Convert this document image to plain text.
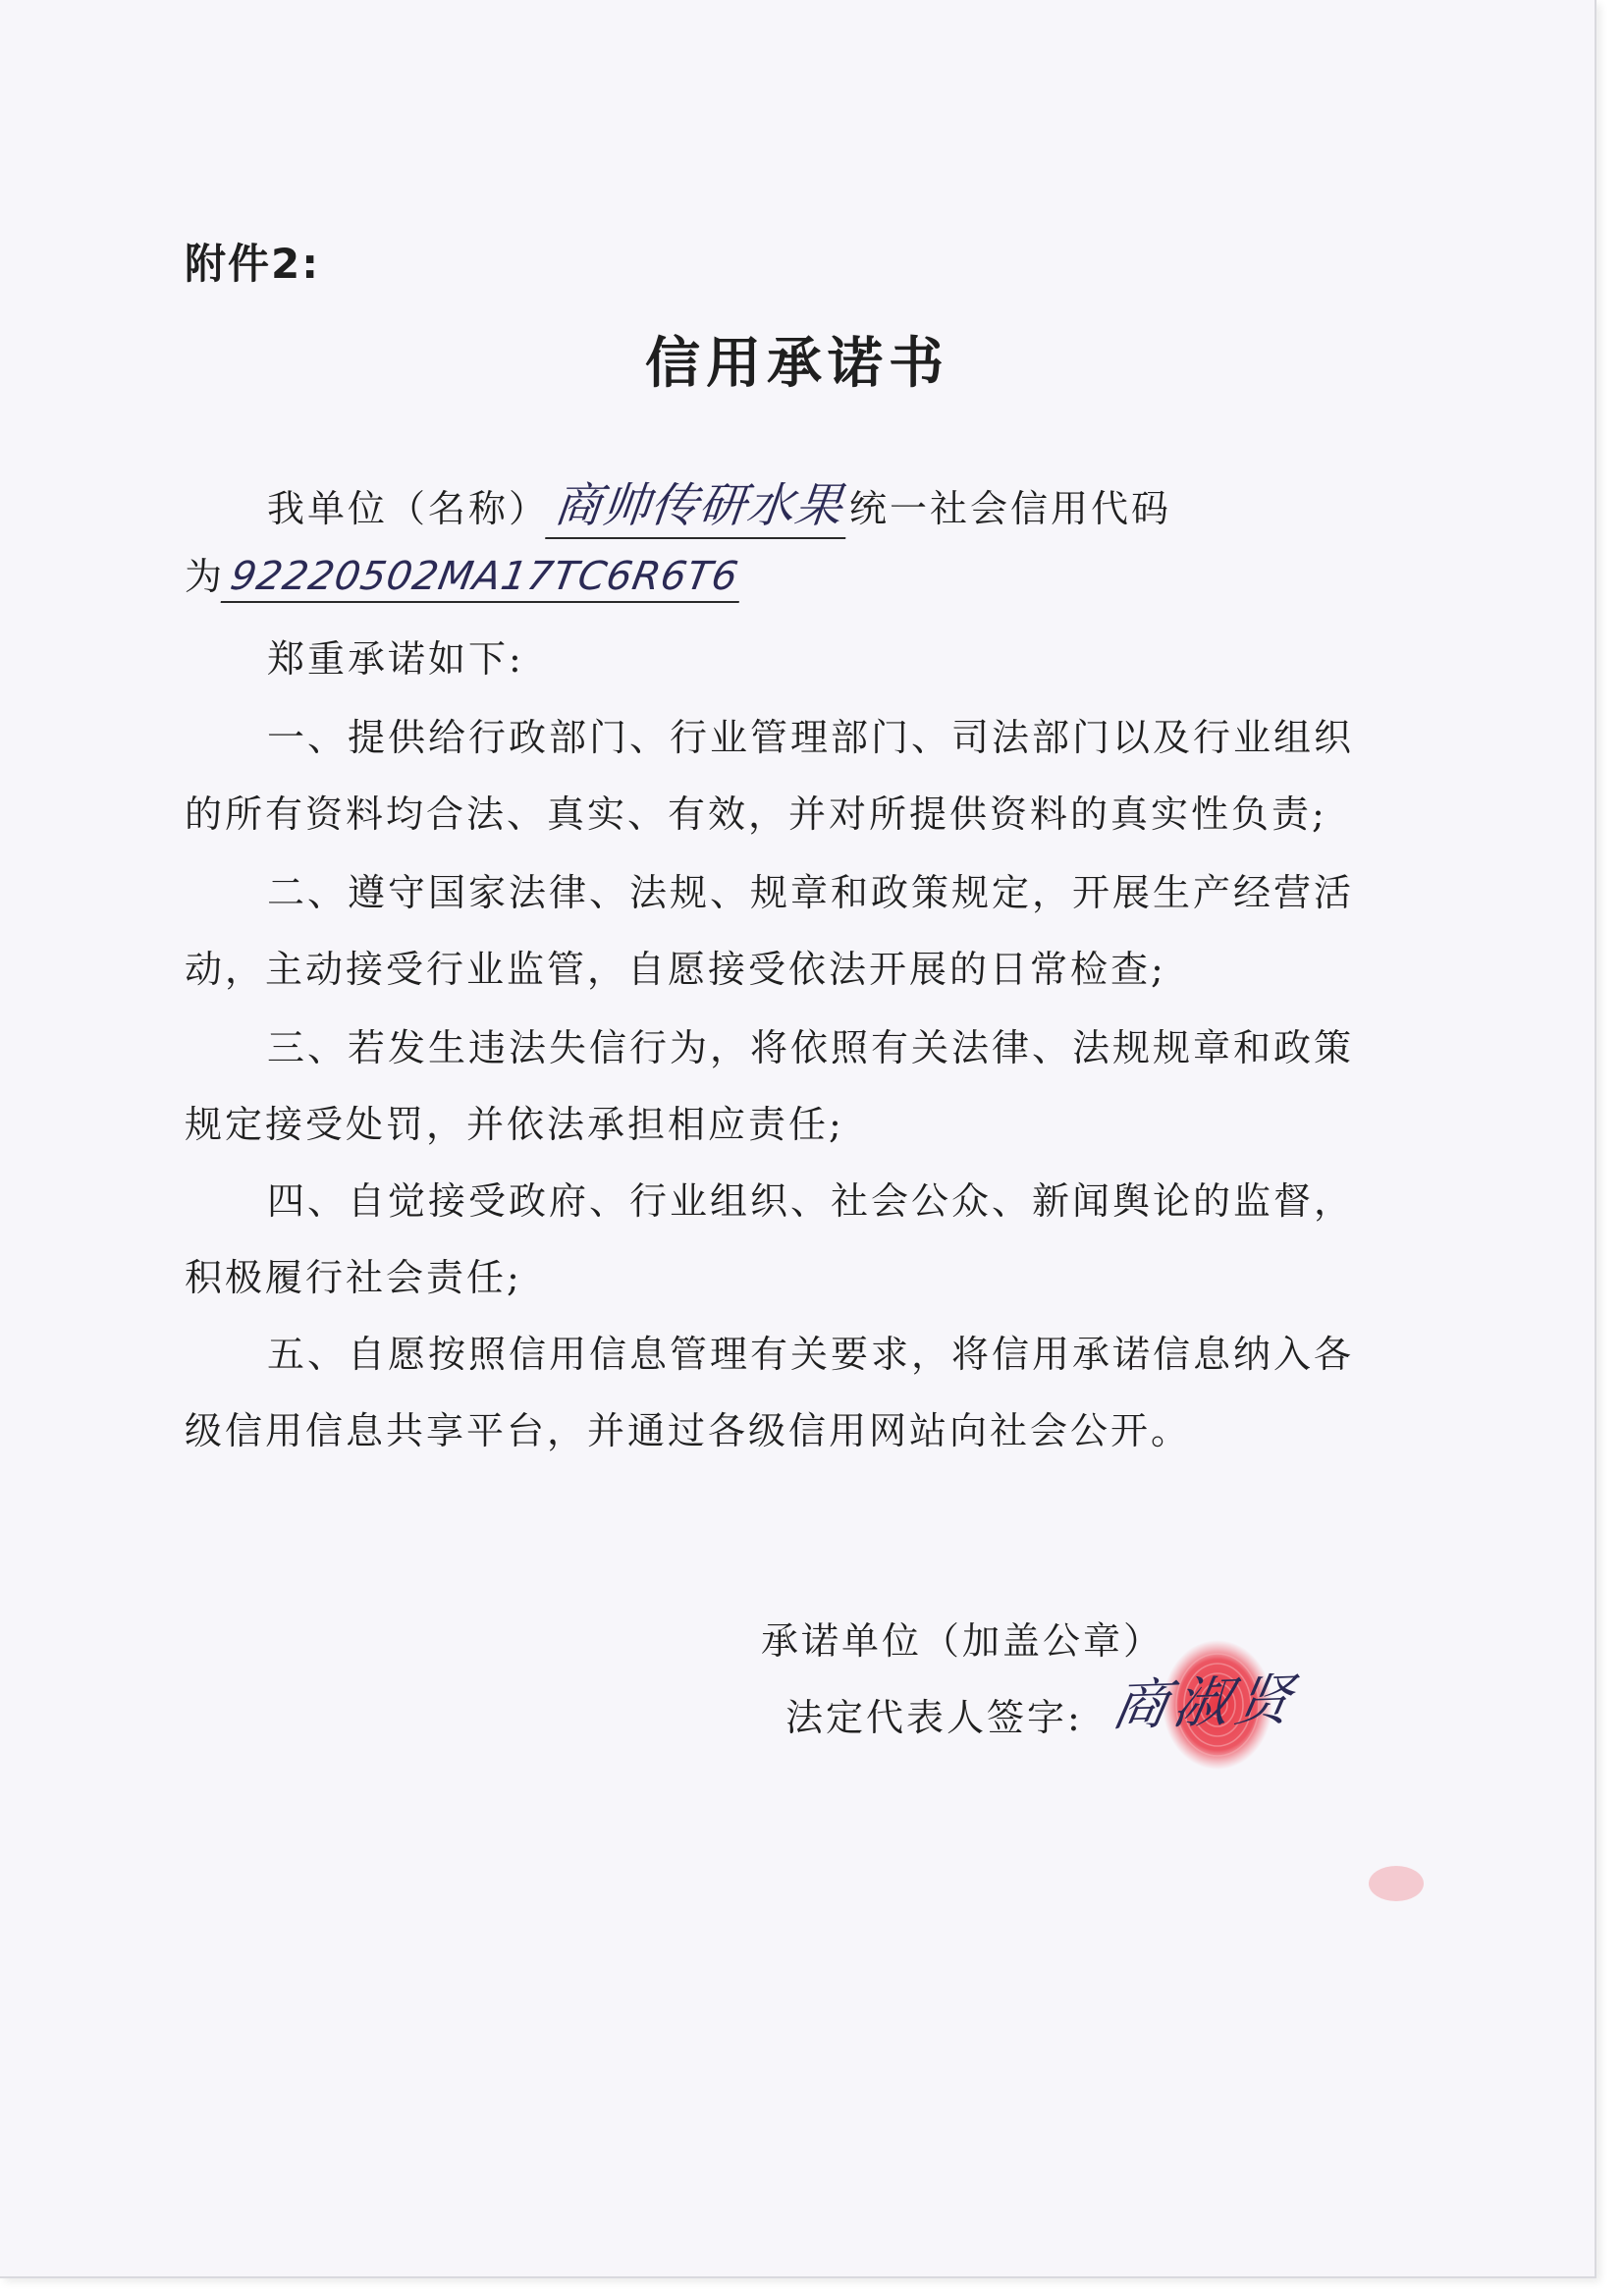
附件2:
信用承诺书
我单位（名称）商帅传研水果统一社会信用代码
为92220502MA17TC6R6T6
郑重承诺如下:
一、提供给行政部门、行业管理部门、司法部门以及行业组织
的所有资料均合法、真实、有效，并对所提供资料的真实性负责;
二、遵守国家法律、法规、规章和政策规定，开展生产经营活
动，主动接受行业监管，自愿接受依法开展的日常检查;
三、若发生违法失信行为，将依照有关法律、法规规章和政策
规定接受处罚，并依法承担相应责任;
四、自觉接受政府、行业组织、社会公众、新闻舆论的监督，
积极履行社会责任;
五、自愿按照信用信息管理有关要求，将信用承诺信息纳入各
级信用信息共享平台，并通过各级信用网站向社会公开。
承诺单位（加盖公章）
法定代表人签字: 商淑贤
